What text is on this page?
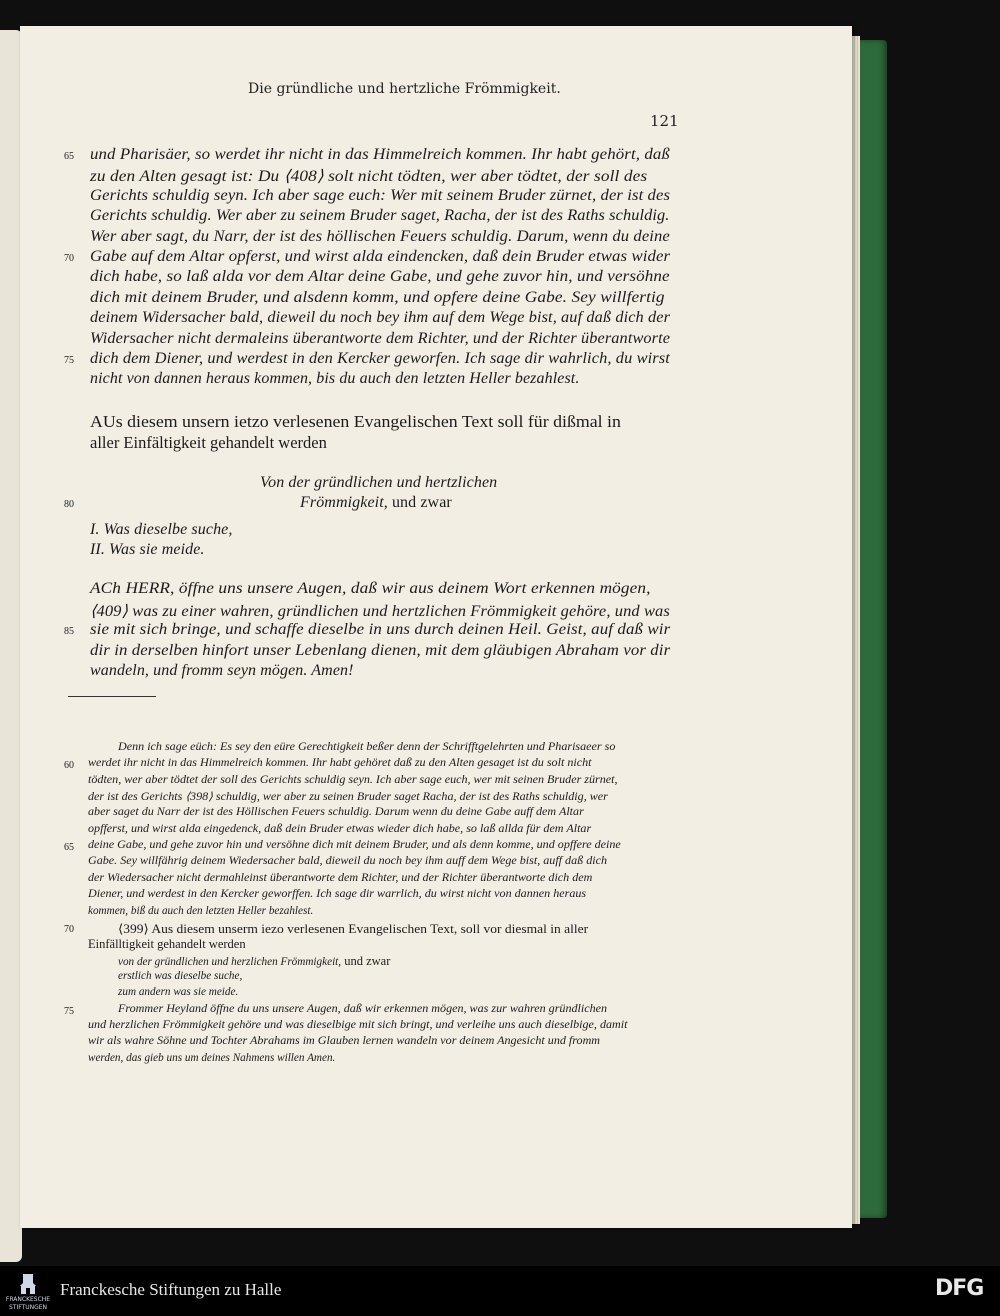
Die gründliche und hertzliche Frömmigkeit.
121
und Pharisäer, so werdet ihr nicht in das Himmelreich kommen. Ihr habt gehört, daß
65
zu den Alten gesagt ist: Du ⟨408⟩ solt nicht tödten, wer aber tödtet, der soll des
Gerichts schuldig seyn. Ich aber sage euch: Wer mit seinem Bruder zürnet, der ist des
Gerichts schuldig. Wer aber zu seinem Bruder saget, Racha, der ist des Raths schuldig.
Wer aber sagt, du Narr, der ist des höllischen Feuers schuldig. Darum, wenn du deine
Gabe auf dem Altar opferst, und wirst alda eindencken, daß dein Bruder etwas wider
70
dich habe, so laß alda vor dem Altar deine Gabe, und gehe zuvor hin, und versöhne
dich mit deinem Bruder, und alsdenn komm, und opfere deine Gabe. Sey willfertig
deinem Widersacher bald, dieweil du noch bey ihm auf dem Wege bist, auf daß dich der
Widersacher nicht dermaleins überantworte dem Richter, und der Richter überantworte
dich dem Diener, und werdest in den Kercker geworfen. Ich sage dir wahrlich, du wirst
75
nicht von dannen heraus kommen, bis du auch den letzten Heller bezahlest.
AUs diesem unsern ietzo verlesenen Evangelischen Text soll für dißmal in
aller Einfältigkeit gehandelt werden
Von der gründlichen und hertzlichen
Frömmigkeit, und zwar
80
I. Was dieselbe suche,
II. Was sie meide.
ACh HERR, öffne uns unsere Augen, daß wir aus deinem Wort erkennen mögen,
⟨409⟩ was zu einer wahren, gründlichen und hertzlichen Frömmigkeit gehöre, und was
sie mit sich bringe, und schaffe dieselbe in uns durch deinen Heil. Geist, auf daß wir
85
dir in derselben hinfort unser Lebenlang dienen, mit dem gläubigen Abraham vor dir
wandeln, und fromm seyn mögen. Amen!
Denn ich sage eüch: Es sey den eüre Gerechtigkeit beßer denn der Schrifftgelehrten und Pharisaeer so
werdet ihr nicht in das Himmelreich kommen. Ihr habt gehöret daß zu den Alten gesaget ist du solt nicht
60
tödten, wer aber tödtet der soll des Gerichts schuldig seyn. Ich aber sage euch, wer mit seinen Bruder zürnet,
der ist des Gerichts ⟨398⟩ schuldig, wer aber zu seinen Bruder saget Racha, der ist des Raths schuldig, wer
aber saget du Narr der ist des Höllischen Feuers schuldig. Darum wenn du deine Gabe auff dem Altar
opfferst, und wirst alda eingedenck, daß dein Bruder etwas wieder dich habe, so laß allda für dem Altar
deine Gabe, und gehe zuvor hin und versöhne dich mit deinem Bruder, und als denn komme, und opffere deine
65
Gabe. Sey willfährig deinem Wiedersacher bald, dieweil du noch bey ihm auff dem Wege bist, auff daß dich
der Wiedersacher nicht dermahleinst überantworte dem Richter, und der Richter überantworte dich dem
Diener, und werdest in den Kercker geworffen. Ich sage dir warrlich, du wirst nicht von dannen heraus
kommen, biß du auch den letzten Heller bezahlest.
⟨399⟩ Aus diesem unserm iezo verlesenen Evangelischen Text, soll vor diesmal in aller
70
Einfälltigkeit gehandelt werden
von der gründlichen und herzlichen Frömmigkeit, und zwar
erstlich was dieselbe suche,
zum andern was sie meide.
Frommer Heyland öffne du uns unsere Augen, daß wir erkennen mögen, was zur wahren gründlichen
75
und herzlichen Frömmigkeit gehöre und was dieselbige mit sich bringt, und verleihe uns auch dieselbige, damit
wir als wahre Söhne und Tochter Abrahams im Glauben lernen wandeln vor deinem Angesicht und fromm
werden, das gieb uns um deines Nahmens willen Amen.
FRANCKESCHE
STIFTUNGEN
Franckesche Stiftungen zu Halle	DFG
